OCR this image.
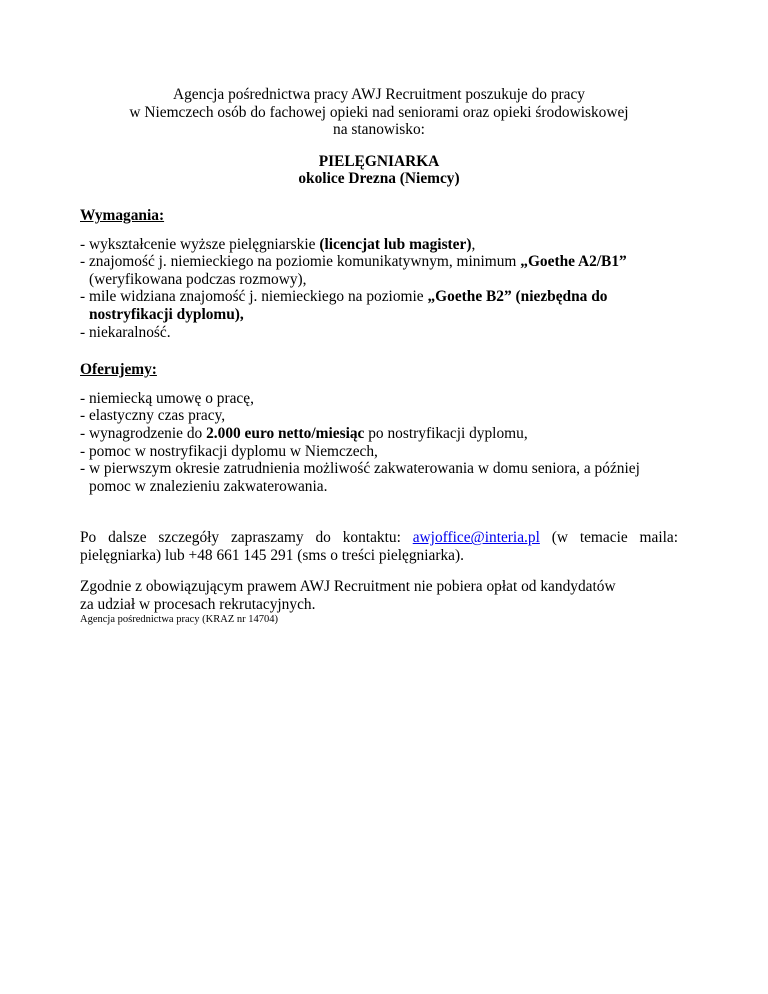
Agencja pośrednictwa pracy AWJ Recruitment poszukuje do pracy
w Niemczech osób do fachowej opieki nad seniorami oraz opieki środowiskowej
na stanowisko:
PIELĘGNIARKA
okolice Drezna (Niemcy)
Wymagania:
- wykształcenie wyższe pielęgniarskie (licencjat lub magister),
- znajomość j. niemieckiego na poziomie komunikatywnym, minimum „Goethe A2/B1” (weryfikowana podczas rozmowy),
- mile widziana znajomość j. niemieckiego na poziomie „Goethe B2” (niezbędna do nostryfikacji dyplomu),
- niekaralność.
Oferujemy:
- niemiecką umowę o pracę,
- elastyczny czas pracy,
- wynagrodzenie do 2.000 euro netto/miesiąc po nostryfikacji dyplomu,
- pomoc w nostryfikacji dyplomu w Niemczech,
- w pierwszym okresie zatrudnienia możliwość zakwaterowania w domu seniora, a później pomoc w znalezieniu zakwaterowania.
Po dalsze szczegóły zapraszamy do kontaktu: awjoffice@interia.pl (w temacie maila: pielęgniarka) lub +48 661 145 291 (sms o treści pielęgniarka).
Zgodnie z obowiązującym prawem AWJ Recruitment nie pobiera opłat od kandydatów za udział w procesach rekrutacyjnych.
Agencja pośrednictwa pracy (KRAZ nr 14704)
